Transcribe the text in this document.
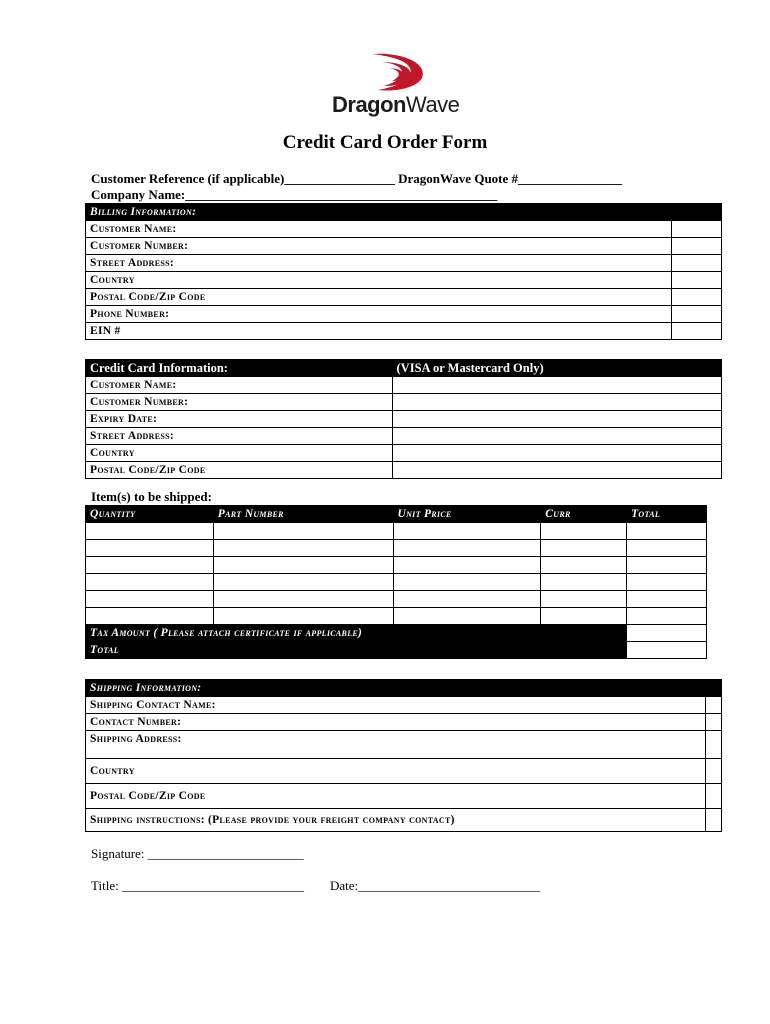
DragonWave
Credit Card Order Form
Customer Reference (if applicable)_________________ DragonWave Quote #________________
Company Name:________________________________________________
Billing Information:	
Customer Name:	
Customer Number:	
Street Address:	
Country	
Postal Code/Zip Code	
Phone Number:	
EIN #	
Credit Card Information:	(VISA or Mastercard Only)
Customer Name:	
Customer Number:	
Expiry Date:	
Street Address:	
Country	
Postal Code/Zip Code	
Item(s) to be shipped:
Quantity	Part Number	Unit Price	Curr	Total

Tax Amount ( Please attach certificate if applicable)				
Total				
Shipping Information:	
Shipping Contact Name:	
Contact Number:	
Shipping Address:	
Country	
Postal Code/Zip Code	
Shipping instructions: (Please provide your freight company contact)	
Signature: ________________________
Title: ____________________________ Date:____________________________
